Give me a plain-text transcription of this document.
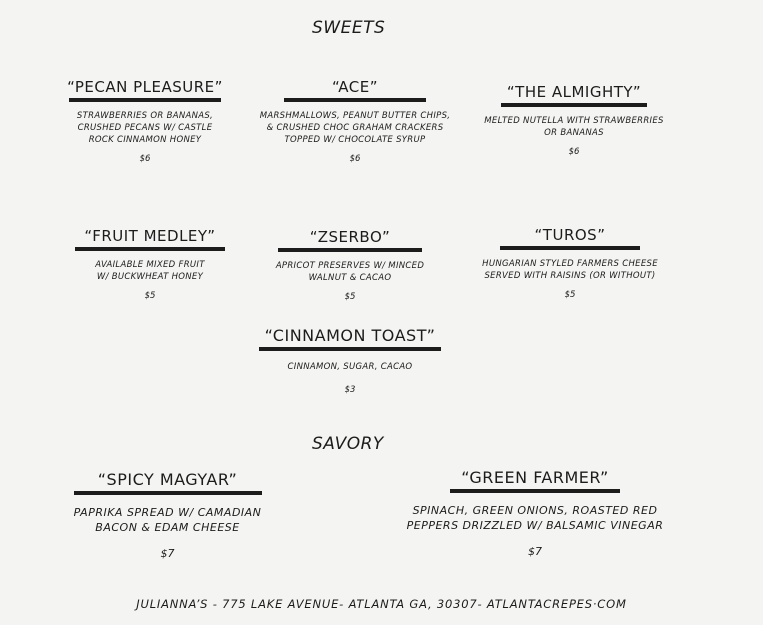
SWEETS
“PECAN PLEASURE”
STRAWBERRIES OR BANANAS,
CRUSHED PECANS W/ CASTLE
ROCK CINNAMON HONEY
$6
“ACE”
MARSHMALLOWS, PEANUT BUTTER CHIPS,
& CRUSHED CHOC GRAHAM CRACKERS
TOPPED W/ CHOCOLATE SYRUP
$6
“THE ALMIGHTY”
MELTED NUTELLA WITH STRAWBERRIES
OR BANANAS
$6
“FRUIT MEDLEY”
AVAILABLE MIXED FRUIT
W/ BUCKWHEAT HONEY
$5
“ZSERBO”
APRICOT PRESERVES W/ MINCED
WALNUT & CACAO
$5
“TUROS”
HUNGARIAN STYLED FARMERS CHEESE
SERVED WITH RAISINS (OR WITHOUT)
$5
“CINNAMON TOAST”
CINNAMON, SUGAR, CACAO
$3
SAVORY
“SPICY MAGYAR”
PAPRIKA SPREAD W/ CAMADIAN
BACON & EDAM CHEESE
$7
“GREEN FARMER”
SPINACH, GREEN ONIONS, ROASTED RED
PEPPERS DRIZZLED W/ BALSAMIC VINEGAR
$7
JULIANNA’S - 775 LAKE AVENUE- ATLANTA GA, 30307- ATLANTACREPES·COM
